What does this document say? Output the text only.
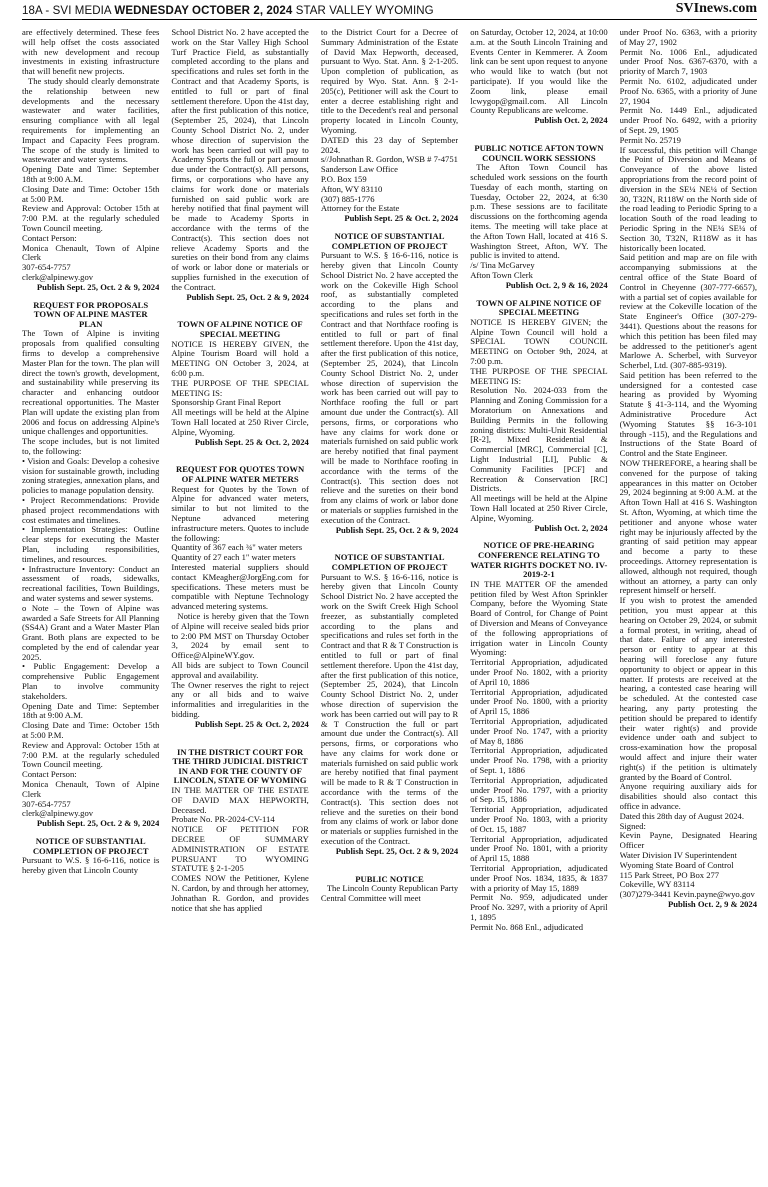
18A - SVI MEDIA WEDNESDAY OCTOBER 2, 2024 STAR VALLEY WYOMING	SVInews.com

are effectively determined. These fees will help offset the costs associated with new development and recoup investments in existing infrastructure that will benefit new projects.

The study should clearly demonstrate the relationship between new developments and the necessary wastewater and water facilities, ensuring compliance with all legal requirements for implementing an Impact and Capacity Fees program. The scope of the study is limited to wastewater and water systems.

Opening Date and Time: September 18th at 9:00 A.M.

Closing Date and Time: October 15th at 5:00 P.M.

Review and Approval: October 15th at 7:00 P.M. at the regularly scheduled Town Council meeting.

Contact Person:

Monica Chenault, Town of Alpine Clerk

307-654-7757

clerk@alpinewy.gov

Publish Sept. 25, Oct. 2 & 9, 2024

REQUEST FOR PROPOSALS TOWN OF ALPINE MASTER PLAN

The Town of Alpine is inviting proposals from qualified consulting firms to develop a comprehensive Master Plan for the town. The plan will direct the town's growth, development, and sustainability while preserving its character and enhancing outdoor recreational opportunities. The Master Plan will update the existing plan from 2006 and focus on addressing Alpine's unique challenges and opportunities.

The scope includes, but is not limited to, the following:

• Vision and Goals: Develop a cohesive vision for sustainable growth, including zoning strategies, annexation plans, and policies to manage population density.

• Project Recommendations: Provide phased project recommendations with cost estimates and timelines.

• Implementation Strategies: Outline clear steps for executing the Master Plan, including responsibilities, timelines, and resources.

• Infrastructure Inventory: Conduct an assessment of roads, sidewalks, recreational facilities, Town Buildings, and water systems and sewer systems.

o Note – the Town of Alpine was awarded a Safe Streets for All Planning (SS4A) Grant and a Water Master Plan Grant. Both plans are expected to be completed by the end of calendar year 2025.

• Public Engagement: Develop a comprehensive Public Engagement Plan to involve community stakeholders.

Opening Date and Time: September 18th at 9:00 A.M.

Closing Date and Time: October 15th at 5:00 P.M.

Review and Approval: October 15th at 7:00 P.M. at the regularly scheduled Town Council meeting.

Contact Person:

Monica Chenault, Town of Alpine Clerk

307-654-7757

clerk@alpinewy.gov

Publish Sept. 25, Oct. 2 & 9, 2024

NOTICE OF SUBSTANTIAL COMPLETION OF PROJECT

Pursuant to W.S. § 16-6-116, notice is hereby given that Lincoln County

School District No. 2 have accepted the work on the Star Valley High School Turf Practice Field, as substantially completed according to the plans and specifications and rules set forth in the Contract and that Academy Sports, is entitled to full or part of final settlement therefore. Upon the 41st day, after the first publication of this notice, (September 25, 2024), that Lincoln County School District No. 2, under whose direction of supervision the work has been carried out will pay to Academy Sports the full or part amount due under the Contract(s). All persons, firms, or corporations who have any claims for work done or materials furnished on said public work are hereby notified that final payment will be made to Academy Sports in accordance with the terms of the Contract(s). This section does not relieve Academy Sports and the sureties on their bond from any claims of work or labor done or materials or supplies furnished in the execution of the Contract.

Publish Sept. 25, Oct. 2 & 9, 2024

TOWN OF ALPINE NOTICE OF SPECIAL MEETING

NOTICE IS HEREBY GIVEN, the Alpine Tourism Board will hold a MEETING ON October 3, 2024, at 6:00 p.m.

THE PURPOSE OF THE SPECIAL MEETING IS:

Sponsorship Grant Final Report

All meetings will be held at the Alpine Town Hall located at 250 River Circle, Alpine, Wyoming.

Publish Sept. 25 & Oct. 2, 2024

REQUEST FOR QUOTES TOWN OF ALPINE WATER METERS

Request for Quotes by the Town of Alpine for advanced water meters, similar to but not limited to the Neptune advanced metering infrastructure meters. Quotes to include the following:

Quantity of 367 each ¾" water meters

Quantity of 27 each 1" water meters

Interested material suppliers should contact KMeagher@JorgEng.com for specifications. These meters must be compatible with Neptune Technology advanced metering systems.

Notice is hereby given that the Town of Alpine will receive sealed bids prior to 2:00 PM MST on Thursday October 3, 2024 by email sent to Office@AlpineWY.gov.

All bids are subject to Town Council approval and availability.

The Owner reserves the right to reject any or all bids and to waive informalities and irregularities in the bidding.

Publish Sept. 25 & Oct. 2, 2024

IN THE DISTRICT COURT FOR THE THIRD JUDICIAL DISTRICT IN AND FOR THE COUNTY OF LINCOLN, STATE OF WYOMING

IN THE MATTER OF THE ESTATE OF DAVID MAX HEPWORTH, Deceased.

Probate No. PR-2024-CV-114

NOTICE OF PETITION FOR DECREE OF SUMMARY ADMINISTRATION OF ESTATE PURSUANT TO WYOMING STATUTE § 2-1-205

COMES NOW the Petitioner, Kylene N. Cardon, by and through her attorney, Johnathan R. Gordon, and provides notice that she has applied

to the District Court for a Decree of Summary Administration of the Estate of David Max Hepworth, deceased, pursuant to Wyo. Stat. Ann. § 2-1-205. Upon completion of publication, as required by Wyo. Stat. Ann. § 2-1-205(c), Petitioner will ask the Court to enter a decree establishing right and title to the Decedent's real and personal property located in Lincoln County, Wyoming.

DATED this 23 day of September 2024.

s//Johnathan R. Gordon, WSB # 7-4751

Sanderson Law Office

P.O. Box 159

Afton, WY 83110

(307) 885-1776

Attorney for the Estate

Publish Sept. 25 & Oct. 2, 2024

NOTICE OF SUBSTANTIAL COMPLETION OF PROJECT

Pursuant to W.S. § 16-6-116, notice is hereby given that Lincoln County School District No. 2 have accepted the work on the Cokeville High School roof, as substantially completed according to the plans and specifications and rules set forth in the Contract and that Northface roofing is entitled to full or part of final settlement therefore. Upon the 41st day, after the first publication of this notice, (September 25, 2024), that Lincoln County School District No. 2, under whose direction of supervision the work has been carried out will pay to Northface roofing the full or part amount due under the Contract(s). All persons, firms, or corporations who have any claims for work done or materials furnished on said public work are hereby notified that final payment will be made to Northface roofing in accordance with the terms of the Contract(s). This section does not relieve and the sureties on their bond from any claims of work or labor done or materials or supplies furnished in the execution of the Contract.

Publish Sept. 25, Oct. 2 & 9, 2024

NOTICE OF SUBSTANTIAL COMPLETION OF PROJECT

Pursuant to W.S. § 16-6-116, notice is hereby given that Lincoln County School District No. 2 have accepted the work on the Swift Creek High School freezer, as substantially completed according to the plans and specifications and rules set forth in the Contract and that R & T Construction is entitled to full or part of final settlement therefore. Upon the 41st day, after the first publication of this notice, (September 25, 2024), that Lincoln County School District No. 2, under whose direction of supervision the work has been carried out will pay to R & T Construction the full or part amount due under the Contract(s). All persons, firms, or corporations who have any claims for work done or materials furnished on said public work are hereby notified that final payment will be made to R & T Construction in accordance with the terms of the Contract(s). This section does not relieve and the sureties on their bond from any claims of work or labor done or materials or supplies furnished in the execution of the Contract.

Publish Sept. 25, Oct. 2 & 9, 2024

PUBLIC NOTICE

The Lincoln County Republican Party Central Committee will meet

on Saturday, October 12, 2024, at 10:00 a.m. at the South Lincoln Training and Events Center in Kemmerer. A Zoom link can be sent upon request to anyone who would like to watch (but not participate). If you would like the Zoom link, please email lcwygop@gmail.com. All Lincoln County Republicans are welcome.

Publish Oct. 2, 2024

PUBLIC NOTICE AFTON TOWN COUNCIL WORK SESSIONS

The Afton Town Council has scheduled work sessions on the fourth Tuesday of each month, starting on Tuesday, October 22, 2024, at 6:30 p.m. These sessions are to facilitate discussions on the forthcoming agenda items. The meeting will take place at the Afton Town Hall, located at 416 S. Washington Street, Afton, WY. The public is invited to attend.

/s/ Tina McGarvey

Afton Town Clerk

Publish Oct. 2, 9 & 16, 2024

TOWN OF ALPINE NOTICE OF SPECIAL MEETING

NOTICE IS HEREBY GIVEN; the Alpine Town Council will hold a SPECIAL TOWN COUNCIL MEETING on October 9th, 2024, at 7:00 p.m.

THE PURPOSE OF THE SPECIAL MEETING IS:

Resolution No. 2024-033 from the Planning and Zoning Commission for a Moratorium on Annexations and Building Permits in the following zoning districts: Multi-Unit Residential [R-2], Mixed Residential & Commercial [MRC], Commercial [C], Light Industrial [LI], Public & Community Facilities [PCF] and Recreation & Conservation [RC] Districts.

All meetings will be held at the Alpine Town Hall located at 250 River Circle, Alpine, Wyoming.

Publish Oct. 2, 2024

NOTICE OF PRE-HEARING CONFERENCE RELATING TO WATER RIGHTS DOCKET NO. IV-2019-2-1

IN THE MATTER OF the amended petition filed by West Afton Sprinkler Company, before the Wyoming State Board of Control, for Change of Point of Diversion and Means of Conveyance of the following appropriations of irrigation water in Lincoln County Wyoming:

Territorial Appropriation, adjudicated under Proof No. 1802, with a priority of April 10, 1886

Territorial Appropriation, adjudicated under Proof No. 1800, with a priority of April 15, 1886

Territorial Appropriation, adjudicated under Proof No. 1747, with a priority of May 8, 1886

Territorial Appropriation, adjudicated under Proof No. 1798, with a priority of Sept. 1, 1886

Territorial Appropriation, adjudicated under Proof No. 1797, with a priority of Sep. 15, 1886

Territorial Appropriation, adjudicated under Proof No. 1803, with a priority of Oct. 15, 1887

Territorial Appropriation, adjudicated under Proof No. 1801, with a priority of April 15, 1888

Territorial Appropriation, adjudicated under Proof Nos. 1834, 1835, & 1837 with a priority of May 15, 1889

Permit No. 959, adjudicated under Proof No. 3297, with a priority of April 1, 1895

Permit No. 868 Enl., adjudicated

under Proof No. 6363, with a priority of May 27, 1902

Permit No. 1006 Enl., adjudicated under Proof Nos. 6367-6370, with a priority of March 7, 1903

Permit No. 6102, adjudicated under Proof No. 6365, with a priority of June 27, 1904

Permit No. 1449 Enl., adjudicated under Proof No. 6492, with a priority of Sept. 29, 1905

Permit No. 25719

If successful, this petition will Change the Point of Diversion and Means of Conveyance of the above listed appropriations from the record point of diversion in the SE¼ NE¼ of Section 30, T32N, R118W on the North side of the road leading to Periodic Spring to a location South of the road leading to Periodic Spring in the NE¼ SE¼ of Section 30, T32N, R118W as it has historically been located.

Said petition and map are on file with accompanying submissions at the central office of the State Board of Control in Cheyenne (307-777-6657), with a partial set of copies available for review at the Cokeville location of the State Engineer's Office (307-279-3441). Questions about the reasons for which this petition has been filed may be addressed to the petitioner's agent Marlowe A. Scherbel, with Surveyor Scherbel, Ltd. (307-885-9319).

Said petition has been referred to the undersigned for a contested case hearing as provided by Wyoming Statute § 41-3-114, and the Wyoming Administrative Procedure Act (Wyoming Statutes §§ 16-3-101 through -115), and the Regulations and Instructions of the State Board of Control and the State Engineer.

NOW THEREFORE, a hearing shall be convened for the purpose of taking appearances in this matter on October 29, 2024 beginning at 9:00 A.M. at the Afton Town Hall at 416 S. Washington St. Afton, Wyoming, at which time the petitioner and anyone whose water right may be injuriously affected by the granting of said petition may appear and become a party to these proceedings. Attorney representation is allowed, although not required, though without an attorney, a party can only represent himself or herself.

If you wish to protest the amended petition, you must appear at this hearing on October 29, 2024, or submit a formal protest, in writing, ahead of that date. Failure of any interested person or entity to appear at this hearing will foreclose any future opportunity to object or appear in this matter. If protests are received at the hearing, a contested case hearing will be scheduled. At the contested case hearing, any party protesting the petition should be prepared to identify their water right(s) and provide evidence under oath and subject to cross-examination how the proposal would affect and injure their water right(s) if the petition is ultimately granted by the Board of Control.

Anyone requiring auxiliary aids for disabilities should also contact this office in advance.

Dated this 28th day of August 2024.

Signed:

Kevin Payne, Designated Hearing Officer

Water Division IV Superintendent

Wyoming State Board of Control

115 Park Street, PO Box 277

Cokeville, WY 83114

(307)279-3441 Kevin.payne@wyo.gov

Publish Oct. 2, 9 & 2024
